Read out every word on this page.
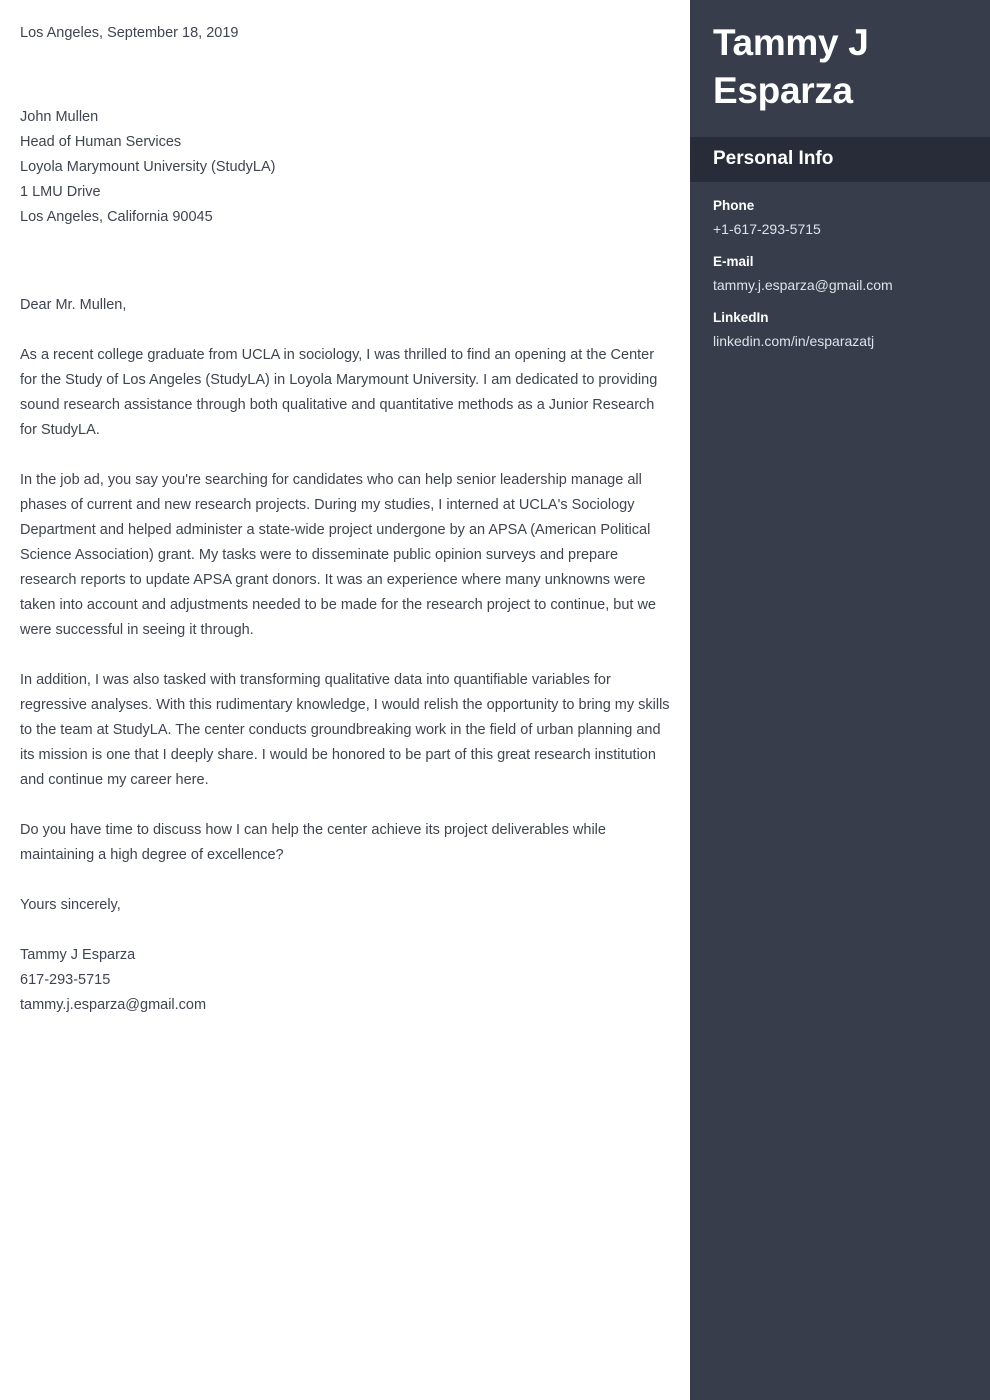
Los Angeles, September 18, 2019
John Mullen
Head of Human Services
Loyola Marymount University (StudyLA)
1 LMU Drive
Los Angeles, California 90045
Dear Mr. Mullen,

As a recent college graduate from UCLA in sociology, I was thrilled to find an opening at the Center for the Study of Los Angeles (StudyLA) in Loyola Marymount University. I am dedicated to providing sound research assistance through both qualitative and quantitative methods as a Junior Research for StudyLA.

In the job ad, you say you're searching for candidates who can help senior leadership manage all phases of current and new research projects. During my studies, I interned at UCLA's Sociology Department and helped administer a state-wide project undergone by an APSA (American Political Science Association) grant. My tasks were to disseminate public opinion surveys and prepare research reports to update APSA grant donors. It was an experience where many unknowns were taken into account and adjustments needed to be made for the research project to continue, but we were successful in seeing it through.

In addition, I was also tasked with transforming qualitative data into quantifiable variables for regressive analyses. With this rudimentary knowledge, I would relish the opportunity to bring my skills to the team at StudyLA. The center conducts groundbreaking work in the field of urban planning and its mission is one that I deeply share. I would be honored to be part of this great research institution and continue my career here.

Do you have time to discuss how I can help the center achieve its project deliverables while maintaining a high degree of excellence?

Yours sincerely,
Tammy J Esparza
617-293-5715
tammy.j.esparza@gmail.com
Tammy J Esparza
Personal Info
Phone
+1-617-293-5715
E-mail
tammy.j.esparza@gmail.com
LinkedIn
linkedin.com/in/esparazatj
